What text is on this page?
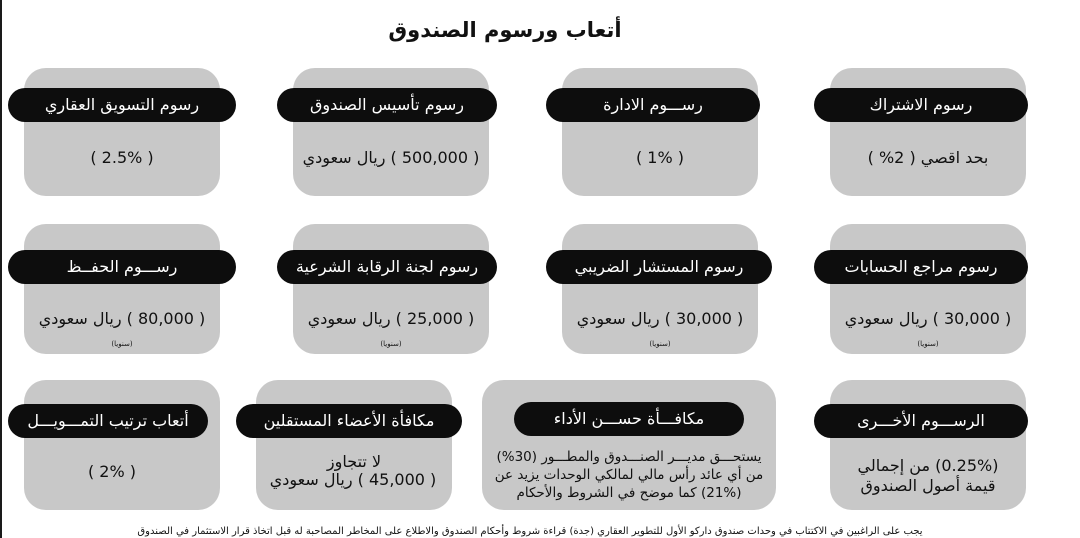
أتعاب ورسوم الصندوق
رسوم الاشتراك
بحد اقصي ( 2% )
رســـوم الادارة
( 1% )
رسوم تأسيس الصندوق
( 500,000 ) ريال سعودي
رسوم التسويق العقاري
( 2.5% )
رسوم مراجع الحسابات
( 30,000 ) ريال سعودي
(سنويا)
رسوم المستشار الضريبي
( 30,000 ) ريال سعودي
(سنويا)
رسوم لجنة الرقابة الشرعية
( 25,000 ) ريال سعودي
(سنويا)
رســـوم الحفــظ
( 80,000 ) ريال سعودي
(سنويا)
الرســـوم الأخـــرى
(0.25%) من إجمالي
قيمة أصول الصندوق
مكافـــأة حســـن الأداء
يستحـــق مديـــر الصنـــدوق والمطـــور (30%)
من أي عائد رأس مالي لمالكي الوحدات يزيد عن
(21%) كما موضح في الشروط والأحكام
مكافأة الأعضاء المستقلين
لا تتجاوز
( 45,000 ) ريال سعودي
أتعاب ترتيب التمـــويـــل
( 2% )
يجب على الراغبين في الاكتتاب في وحدات صندوق داركو الأول للتطوير العقاري (جدة) قراءة شروط وأحكام الصندوق والاطلاع على المخاطر المصاحبة له قبل اتخاذ قرار الاستثمار في الصندوق
